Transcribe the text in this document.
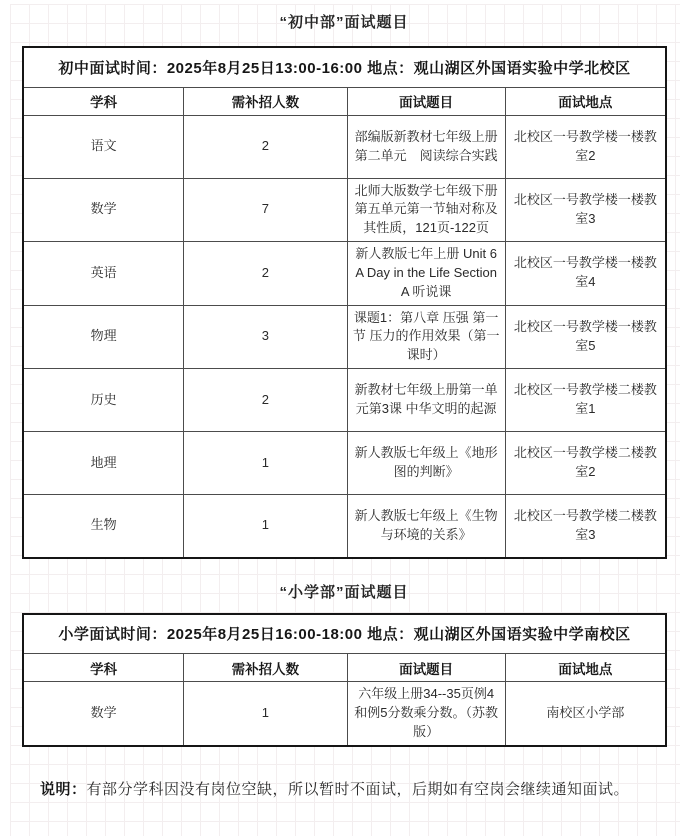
“初中部”面试题目
初中面试时间：2025年8月25日13:00-16:00 地点：观山湖区外国语实验中学北校区			
学科	需补招人数	面试题目	面试地点
语文	2	部编版新教材七年级上册第二单元　阅读综合实践	北校区一号教学楼一楼教室2
数学	7	北师大版数学七年级下册第五单元第一节轴对称及其性质，121页-122页	北校区一号教学楼一楼教室3
英语	2	新人教版七年上册 Unit 6 A Day in the Life Section A 听说课	北校区一号教学楼一楼教室4
物理	3	课题1：第八章 压强 第一节 压力的作用效果（第一课时）	北校区一号教学楼一楼教室5
历史	2	新教材七年级上册第一单元第3课 中华文明的起源	北校区一号教学楼二楼教室1
地理	1	新人教版七年级上《地形图的判断》	北校区一号教学楼二楼教室2
生物	1	新人教版七年级上《生物与环境的关系》	北校区一号教学楼二楼教室3
“小学部”面试题目
小学面试时间：2025年8月25日16:00-18:00 地点：观山湖区外国语实验中学南校区			
学科	需补招人数	面试题目	面试地点
数学	1	六年级上册34--35页例4和例5分数乘分数。（苏教版）	南校区小学部

说明：有部分学科因没有岗位空缺，所以暂时不面试，后期如有空岗会继续通知面试。
